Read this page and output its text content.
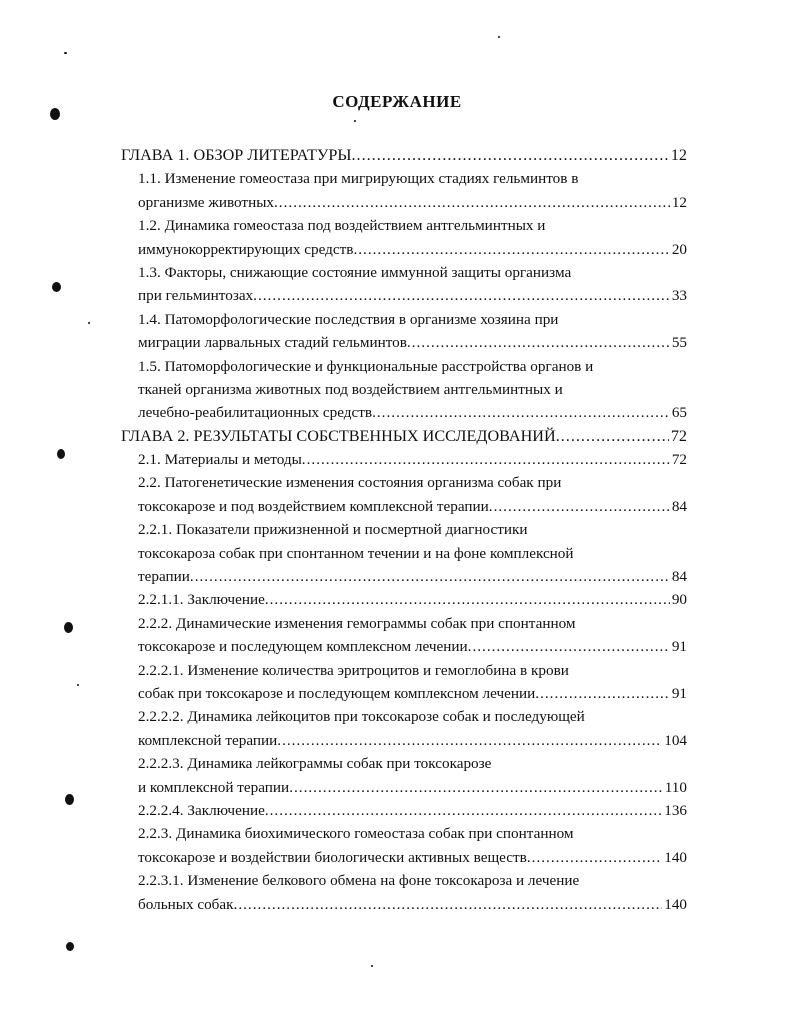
СОДЕРЖАНИЕ
ГЛАВА 1. ОБЗОР ЛИТЕРАТУРЫ .....	12
1.1. Изменение гомеостаза при мигрирующих стадиях гельминтов в
организме животных .....	12
1.2. Динамика гомеостаза под воздействием антгельминтных и
иммунокорректирующих средств .....	20
1.3. Факторы, снижающие состояние иммунной защиты организма
при гельминтозах .....	33
1.4. Патоморфологические последствия в организме хозяина при
миграции ларвальных стадий гельминтов .....	55
1.5. Патоморфологические и функциональные расстройства органов и
тканей организма животных под воздействием антгельминтных и
лечебно-реабилитационных средств .....	65
ГЛАВА 2. РЕЗУЛЬТАТЫ СОБСТВЕННЫХ ИССЛЕДОВАНИЙ .....	72
2.1. Материалы и методы .....	72
2.2. Патогенетические изменения состояния организма собак при
токсокарозе и под воздействием комплексной терапии .....	84
2.2.1. Показатели прижизненной и посмертной диагностики
токсокароза собак при спонтанном течении и на фоне комплексной
терапии .....	84
2.2.1.1. Заключение .....	90
2.2.2. Динамические изменения гемограммы собак при спонтанном
токсокарозе и последующем комплексном лечении .....	91
2.2.2.1. Изменение количества эритроцитов и гемоглобина в крови
собак при токсокарозе и последующем комплексном лечении .....	91
2.2.2.2. Динамика лейкоцитов при токсокарозе собак и последующей
комплексной терапии .....	104
2.2.2.3. Динамика лейкограммы собак при токсокарозе
и комплексной терапии .....	110
2.2.2.4. Заключение .....	136
2.2.3. Динамика биохимического гомеостаза собак при спонтанном
токсокарозе и воздействии биологически активных веществ .....	140
2.2.3.1. Изменение белкового обмена на фоне токсокароза и лечение
больных собак .....	140
